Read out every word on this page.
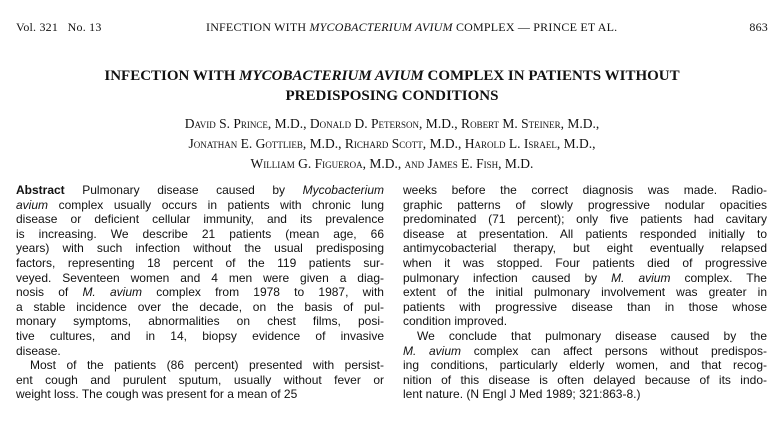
Vol. 321 No. 13	INFECTION WITH MYCOBACTERIUM AVIUM COMPLEX — PRINCE ET AL.	863
INFECTION WITH MYCOBACTERIUM AVIUM COMPLEX IN PATIENTS WITHOUT
PREDISPOSING CONDITIONS
David S. Prince, M.D., Donald D. Peterson, M.D., Robert M. Steiner, M.D.,
Jonathan E. Gottlieb, M.D., Richard Scott, M.D., Harold L. Israel, M.D.,
William G. Figueroa, M.D., and James E. Fish, M.D.
Abstract Pulmonary disease caused by Mycobacterium
avium complex usually occurs in patients with chronic lung
disease or deficient cellular immunity, and its prevalence
is increasing. We describe 21 patients (mean age, 66
years) with such infection without the usual predisposing
factors, representing 18 percent of the 119 patients sur-
veyed. Seventeen women and 4 men were given a diag-
nosis of M. avium complex from 1978 to 1987, with
a stable incidence over the decade, on the basis of pul-
monary symptoms, abnormalities on chest films, posi-
tive cultures, and in 14, biopsy evidence of invasive
disease.
Most of the patients (86 percent) presented with persist-
ent cough and purulent sputum, usually without fever or
weight loss. The cough was present for a mean of 25
weeks before the correct diagnosis was made. Radio-
graphic patterns of slowly progressive nodular opacities
predominated (71 percent); only five patients had cavitary
disease at presentation. All patients responded initially to
antimycobacterial therapy, but eight eventually relapsed
when it was stopped. Four patients died of progressive
pulmonary infection caused by M. avium complex. The
extent of the initial pulmonary involvement was greater in
patients with progressive disease than in those whose
condition improved.
We conclude that pulmonary disease caused by the
M. avium complex can affect persons without predispos-
ing conditions, particularly elderly women, and that recog-
nition of this disease is often delayed because of its indo-
lent nature. (N Engl J Med 1989; 321:863-8.)
